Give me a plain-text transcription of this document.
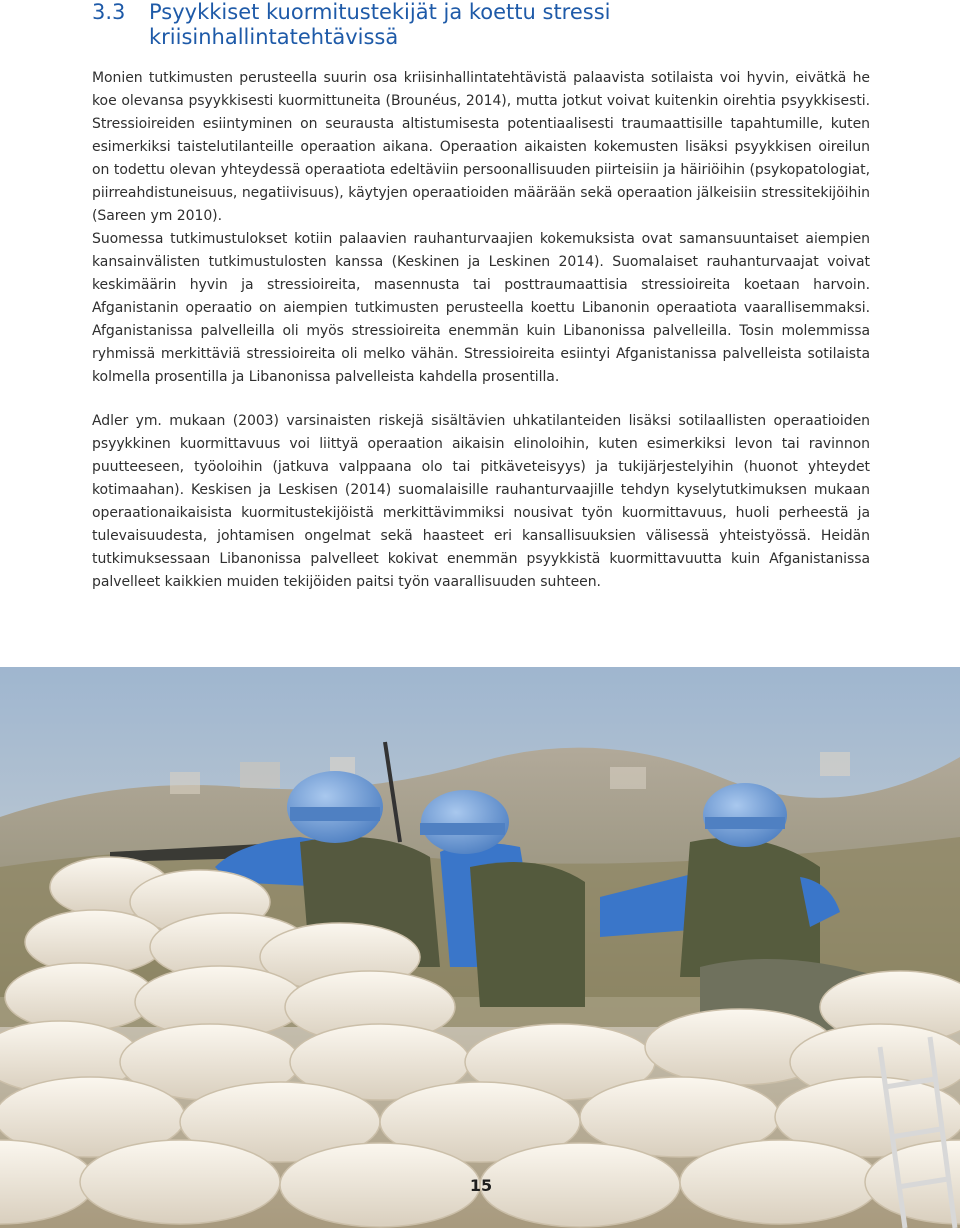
3.3 Psyykkiset kuormitustekijät ja koettu stressi
kriisinhallintatehtävissä

Monien tutkimusten perusteella suurin osa kriisinhallintatehtävistä palaavista sotilaista voi hyvin, eivätkä he koe olevansa psyykkisesti kuormittuneita (Brounéus, 2014), mutta jotkut voivat kuitenkin oirehtia psyykkisesti. Stressioireiden esiintyminen on seurausta altistumisesta potentiaalisesti traumaattisille tapahtumille, kuten esimerkiksi taistelutilanteille operaation aikana. Operaation aikaisten kokemusten lisäksi psyykkisen oireilun on todettu olevan yhteydessä operaatiota edeltäviin persoonallisuuden piirteisiin ja häiriöihin (psykopatologiat, piirreahdistuneisuus, negatiivisuus), käytyjen operaatioiden määrään sekä operaation jälkeisiin stressitekijöihin (Sareen ym 2010).

Suomessa tutkimustulokset kotiin palaavien rauhanturvaajien kokemuksista ovat samansuuntaiset aiempien kansainvälisten tutkimustulosten kanssa (Keskinen ja Leskinen 2014). Suomalaiset rauhanturvaajat voivat keskimäärin hyvin ja stressioireita, masennusta tai posttraumaattisia stressioireita koetaan harvoin. Afganistanin operaatio on aiempien tutkimusten perusteella koettu Libanonin operaatiota vaarallisemmaksi. Afganistanissa palvelleilla oli myös stressioireita enemmän kuin Libanonissa palvelleilla. Tosin molemmissa ryhmissä merkittäviä stressioireita oli melko vähän. Stressioireita esiintyi Afganistanissa palvelleista sotilaista kolmella prosentilla ja Libanonissa palvelleista kahdella prosentilla.

Adler ym. mukaan (2003) varsinaisten riskejä sisältävien uhkatilanteiden lisäksi sotilaallisten operaatioiden psyykkinen kuormittavuus voi liittyä operaation aikaisin elinoloihin, kuten esimerkiksi levon tai ravinnon puutteeseen, työoloihin (jatkuva valppaana olo tai pitkäveteisyys) ja tukijärjestelyihin (huonot yhteydet kotimaahan). Keskisen ja Leskisen (2014) suomalaisille rauhanturvaajille tehdyn kyselytutkimuksen mukaan operaationaikaisista kuormitustekijöistä merkittävimmiksi nousivat työn kuormittavuus, huoli perheestä ja tulevaisuudesta, johtamisen ongelmat sekä haasteet eri kansallisuuksien välisessä yhteistyössä. Heidän tutkimuksessaan Libanonissa palvelleet kokivat enemmän psyykkistä kuormittavuutta kuin Afganistanissa palvelleet kaikkien muiden tekijöiden paitsi työn vaarallisuuden suhteen.

15
